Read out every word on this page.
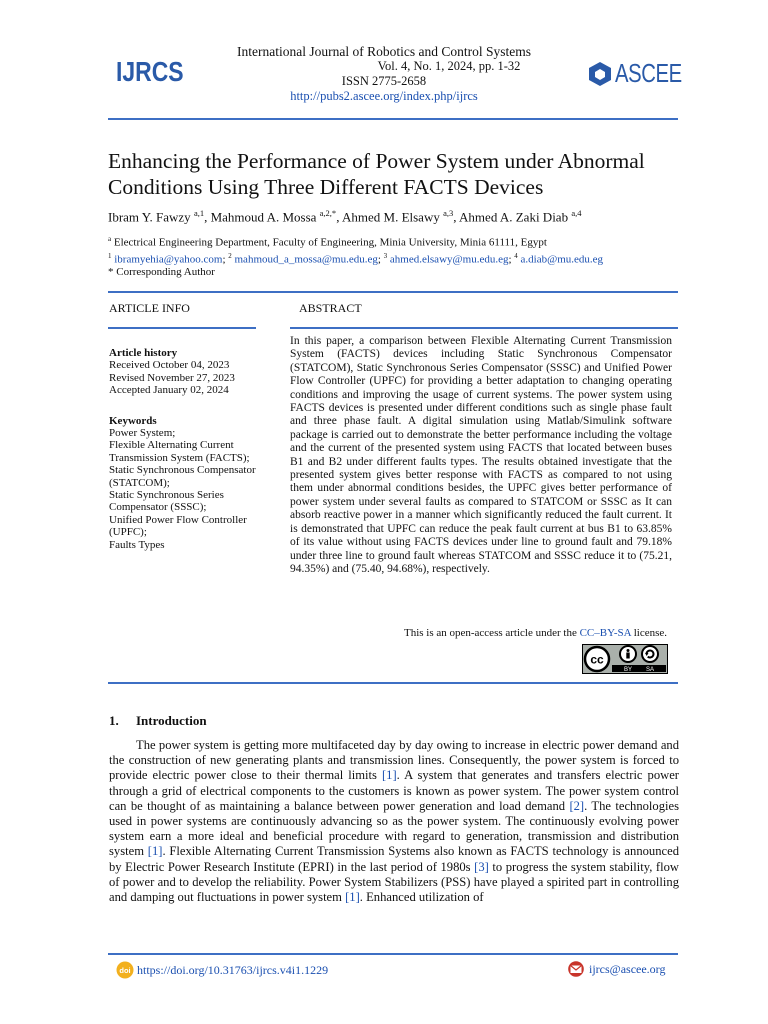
IJRCS
International Journal of Robotics and Control Systems
Vol. 4, No. 1, 2024, pp. 1-32
ISSN 2775-2658
http://pubs2.ascee.org/index.php/ijrcs
ASCEE
Enhancing the Performance of Power System under Abnormal Conditions Using Three Different FACTS Devices
Ibram Y. Fawzy $^{a,1}$, Mahmoud A. Mossa $^{a,2,*}$, Ahmed M. Elsawy $^{a,3}$, Ahmed A. Zaki Diab $^{a,4}$
$^a$ Electrical Engineering Department, Faculty of Engineering, Minia University, Minia 61111, Egypt
$^1$ ibramyehia@yahoo.com; $^2$ mahmoud_a_mossa@mu.edu.eg; $^3$ ahmed.elsawy@mu.edu.eg; $^4$ a.diab@mu.edu.eg
* Corresponding Author
ARTICLE INFO	ABSTRACT
Article history
Received October 04, 2023
Revised November 27, 2023
Accepted January 02, 2024
Keywords
Power System;
Flexible Alternating Current Transmission System (FACTS);
Static Synchronous Compensator (STATCOM);
Static Synchronous Series Compensator (SSSC);
Unified Power Flow Controller (UPFC);
Faults Types
In this paper, a comparison between Flexible Alternating Current Transmission System (FACTS) devices including Static Synchronous Compensator (STATCOM), Static Synchronous Series Compensator (SSSC) and Unified Power Flow Controller (UPFC) for providing a better adaptation to changing operating conditions and improving the usage of current systems. The power system using FACTS devices is presented under different conditions such as single phase fault and three phase fault. A digital simulation using Matlab/Simulink software package is carried out to demonstrate the better performance including the voltage and the current of the presented system using FACTS that located between buses B1 and B2 under different faults types. The results obtained investigate that the presented system gives better response with FACTS as compared to not using them under abnormal conditions besides, the UPFC gives better performance of power system under several faults as compared to STATCOM or SSSC as It can absorb reactive power in a manner which significantly reduced the fault current. It is demonstrated that UPFC can reduce the peak fault current at bus B1 to 63.85% of its value without using FACTS devices under line to ground fault and 79.18% under three line to ground fault whereas STATCOM and SSSC reduce it to (75.21, 94.35%) and (75.40, 94.68%), respectively.
This is an open-access article under the CC–BY-SA license.
cc
BY SA
1. Introduction
The power system is getting more multifaceted day by day owing to increase in electric power demand and the construction of new generating plants and transmission lines. Consequently, the power system is forced to provide electric power close to their thermal limits [1]. A system that generates and transfers electric power through a grid of electrical components to the customers is known as power system. The power system control can be thought of as maintaining a balance between power generation and load demand [2]. The technologies used in power systems are continuously advancing so as the power system. The continuously evolving power system earn a more ideal and beneficial procedure with regard to generation, transmission and distribution system [1]. Flexible Alternating Current Transmission Systems also known as FACTS technology is announced by Electric Power Research Institute (EPRI) in the last period of 1980s [3] to progress the system stability, flow of power and to develop the reliability. Power System Stabilizers (PSS) have played a spirited part in controlling and damping out fluctuations in power system [1]. Enhanced utilization of
doi https://doi.org/10.31763/ijrcs.v4i1.1229	ijrcs@ascee.org
